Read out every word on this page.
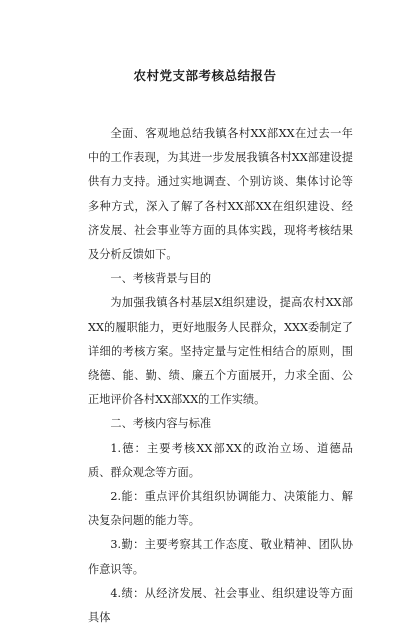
农村党支部考核总结报告

全面、客观地总结我镇各村XX部XX在过去一年中的工作表现，为其进一步发展我镇各村XX部建设提供有力支持。通过实地调查、个别访谈、集体讨论等多种方式，深入了解了各村XX部XX在组织建设、经济发展、社会事业等方面的具体实践，现将考核结果及分析反馈如下。

一、考核背景与目的

为加强我镇各村基层X组织建设，提高农村XX部XX的履职能力，更好地服务人民群众，XXX委制定了详细的考核方案。坚持定量与定性相结合的原则，围绕德、能、勤、绩、廉五个方面展开，力求全面、公正地评价各村XX部XX的工作实绩。

二、考核内容与标准

1.德：主要考核XX部XX的政治立场、道德品质、群众观念等方面。

2.能：重点评价其组织协调能力、决策能力、解决复杂问题的能力等。

3.勤：主要考察其工作态度、敬业精神、团队协作意识等。

4.绩：从经济发展、社会事业、组织建设等方面具体
